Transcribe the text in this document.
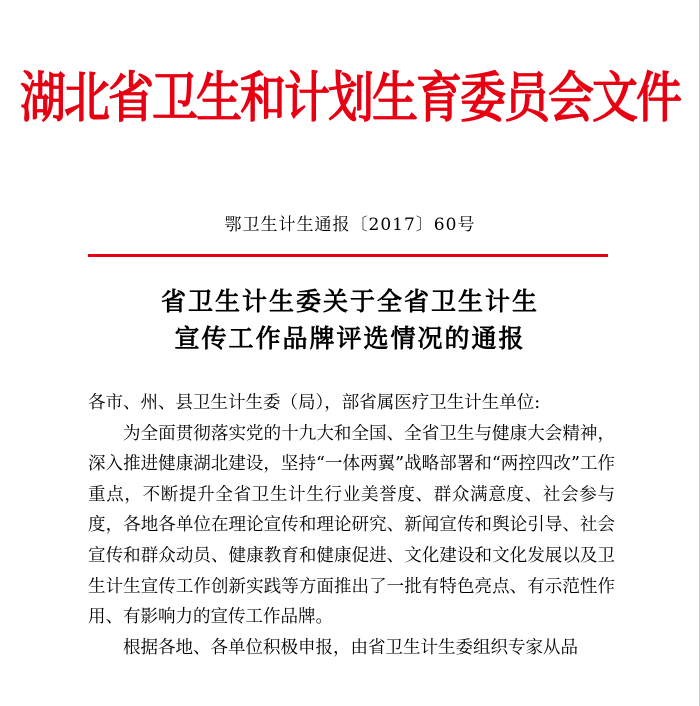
湖北省卫生和计划生育委员会文件
鄂卫生计生通报〔2017〕60号
省卫生计生委关于全省卫生计生
宣传工作品牌评选情况的通报

各市、州、县卫生计生委（局），部省属医疗卫生计生单位:

为全面贯彻落实党的十九大和全国、全省卫生与健康大会精神，深入推进健康湖北建设，坚持“一体两翼”战略部署和“两控四改”工作重点，不断提升全省卫生计生行业美誉度、群众满意度、社会参与度，各地各单位在理论宣传和理论研究、新闻宣传和舆论引导、社会宣传和群众动员、健康教育和健康促进、文化建设和文化发展以及卫生计生宣传工作创新实践等方面推出了一批有特色亮点、有示范性作用、有影响力的宣传工作品牌。

根据各地、各单位积极申报，由省卫生计生委组织专家从品
